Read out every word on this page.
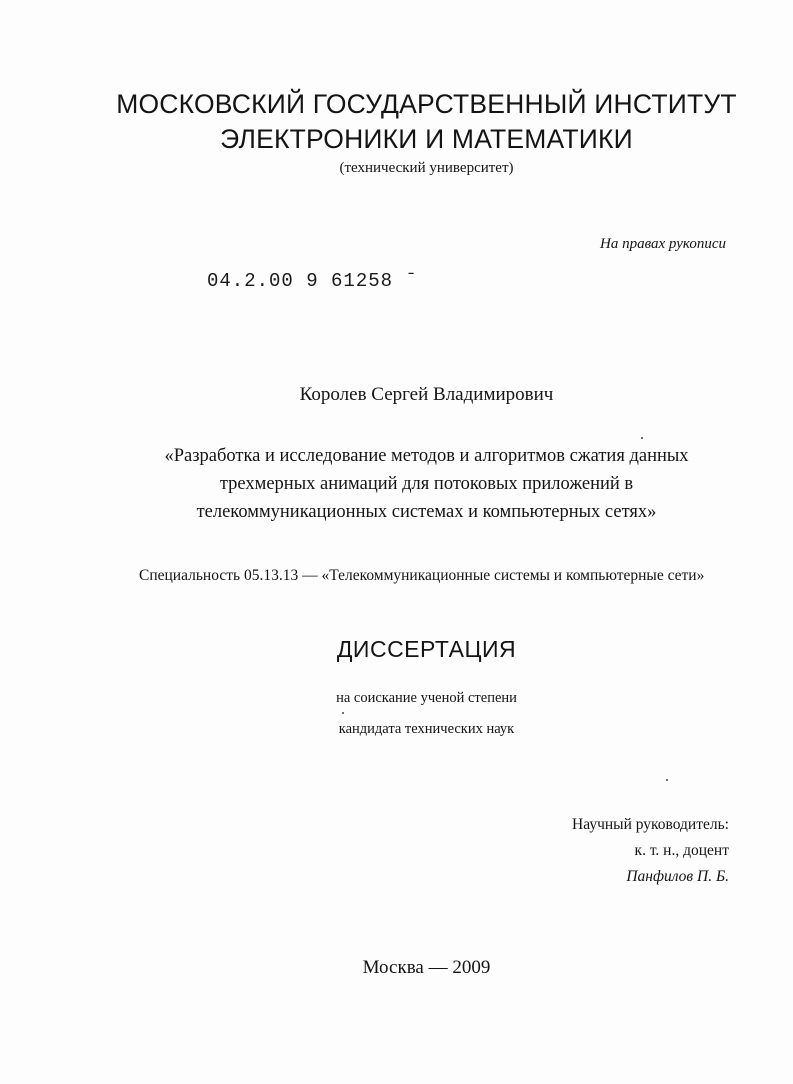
МОСКОВСКИЙ ГОСУДАРСТВЕННЫЙ ИНСТИТУТ
ЭЛЕКТРОНИКИ И МАТЕМАТИКИ
(технический университет)
На правах рукописи
04.2.00 9 61258 ˉ
Королев Сергей Владимирович
«Разработка и исследование методов и алгоритмов сжатия данных
трехмерных анимаций для потоковых приложений в
телекоммуникационных системах и компьютерных сетях»
Специальность 05.13.13 — «Телекоммуникационные системы и компьютерные сети»
ДИССЕРТАЦИЯ
на соискание ученой степени
кандидата технических наук
Научный руководитель:
к. т. н., доцент
Панфилов П. Б.
Москва — 2009
